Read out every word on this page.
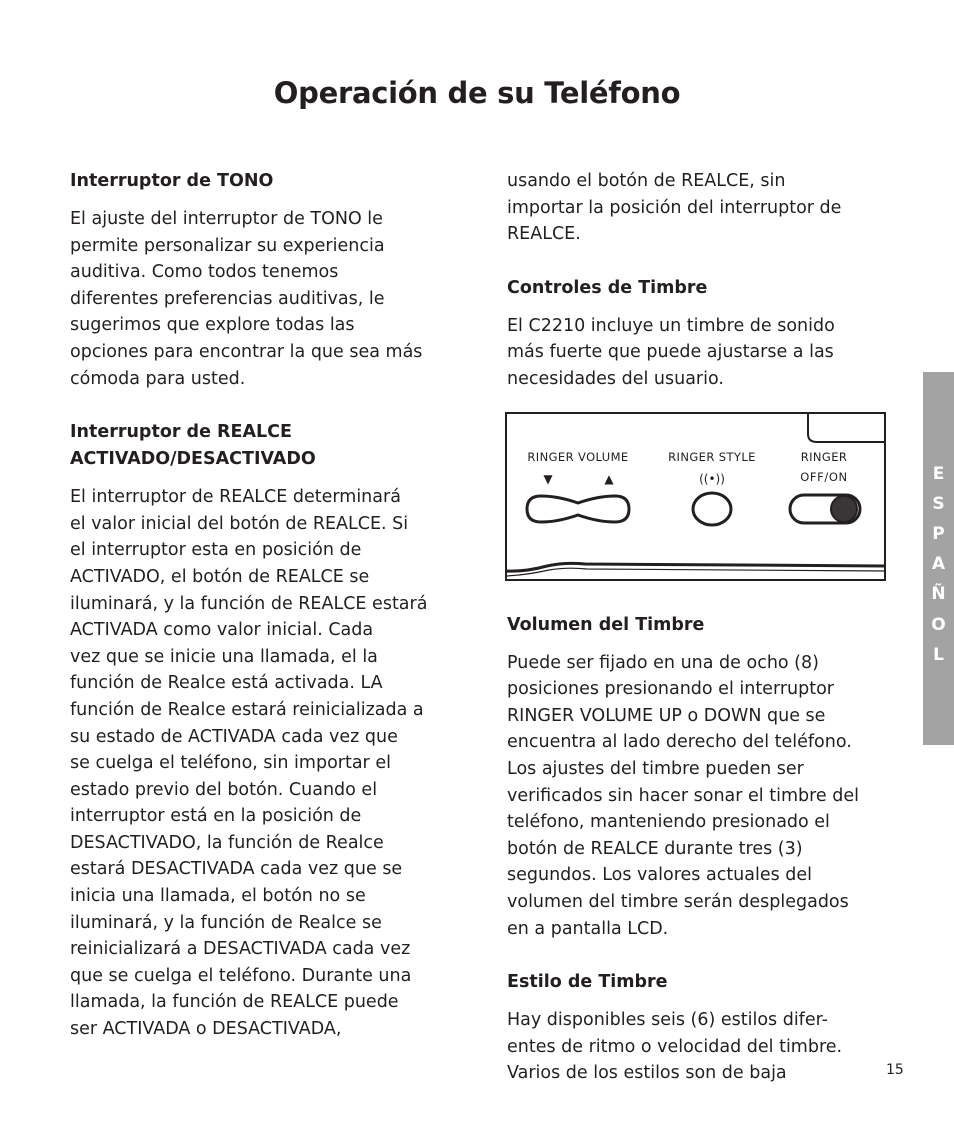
Operación de su Teléfono

Interruptor de TONO

El ajuste del interruptor de TONO le
permite personalizar su experiencia
auditiva. Como todos tenemos
diferentes preferencias auditivas, le
sugerimos que explore todas las
opciones para encontrar la que sea más
cómoda para usted.

Interruptor de REALCE
ACTIVADO/DESACTIVADO

El interruptor de REALCE determinará
el valor inicial del botón de REALCE. Si
el interruptor esta en posición de
ACTIVADO, el botón de REALCE se
iluminará, y la función de REALCE estará
ACTIVADA como valor inicial. Cada
vez que se inicie una llamada, el la
función de Realce está activada. LA
función de Realce estará reinicializada a
su estado de ACTIVADA cada vez que
se cuelga el teléfono, sin importar el
estado previo del botón. Cuando el
interruptor está en la posición de
DESACTIVADO, la función de Realce
estará DESACTIVADA cada vez que se
inicia una llamada, el botón no se
iluminará, y la función de Realce se
reinicializará a DESACTIVADA cada vez
que se cuelga el teléfono. Durante una
llamada, la función de REALCE puede
ser ACTIVADA o DESACTIVADA,

usando el botón de REALCE, sin
importar la posición del interruptor de
REALCE.

Controles de Timbre

El C2210 incluye un timbre de sonido
más fuerte que puede ajustarse a las
necesidades del usuario.

Volumen del Timbre

Puede ser fijado en una de ocho (8)
posiciones presionando el interruptor
RINGER VOLUME UP o DOWN que se
encuentra al lado derecho del teléfono.
Los ajustes del timbre pueden ser
verificados sin hacer sonar el timbre del
teléfono, manteniendo presionado el
botón de REALCE durante tres (3)
segundos. Los valores actuales del
volumen del timbre serán desplegados
en a pantalla LCD.

Estilo de Timbre

Hay disponibles seis (6) estilos difer-
entes de ritmo o velocidad del timbre.
Varios de los estilos son de baja

RINGER VOLUME	RINGER STYLE	RINGER
OFF/ON
▼	▲	((•))	E
S
P
A
Ñ
O
L
15
